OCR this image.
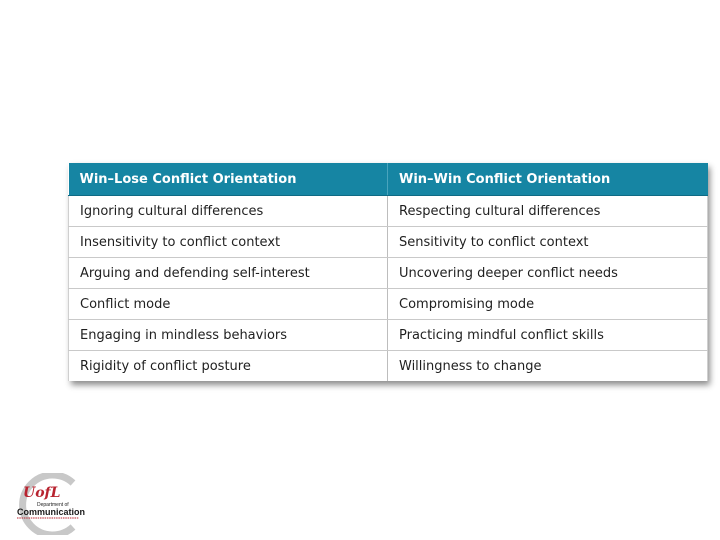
Win–Lose Conflict Orientation	Win–Win Conflict Orientation
Ignoring cultural differences	Respecting cultural differences
Insensitivity to conflict context	Sensitivity to conflict context
Arguing and defending self-interest	Uncovering deeper conflict needs
Conflict mode	Compromising mode
Engaging in mindless behaviors	Practicing mindful conflict skills
Rigidity of conflict posture	Willingness to change
UofL
Department of
Communication
